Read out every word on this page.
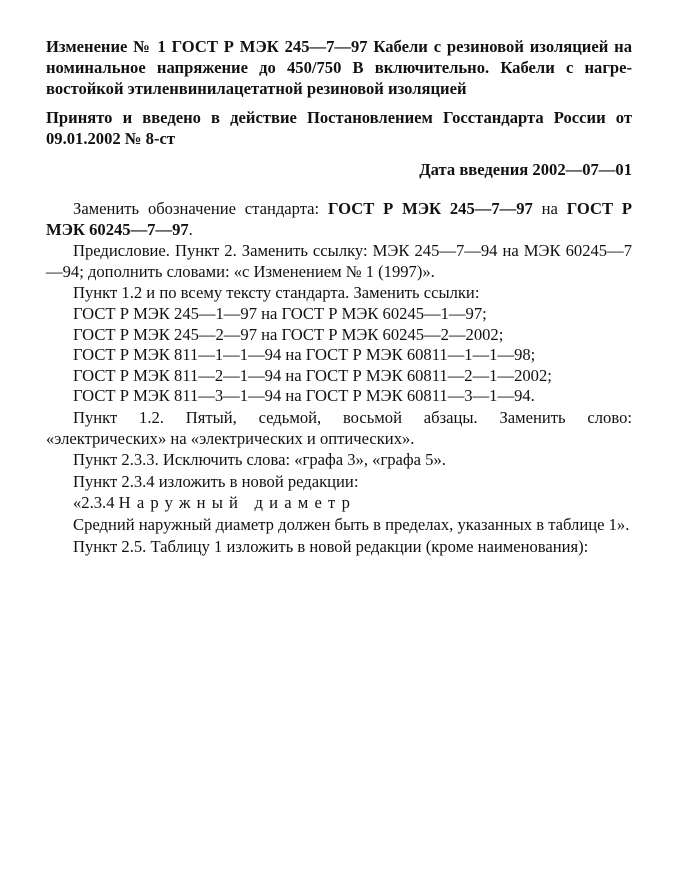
Изменение № 1 ГОСТ Р МЭК 245—7—97 Кабели с резиновой изоляцией на номинальное напряжение до 450/750 В включительно. Кабели с нагре-востойкой этиленвинилацетатной резиновой изоляцией

Принято и введено в действие Постановлением Госстандарта России от 09.01.2002 № 8-ст

Дата введения 2002—07—01

Заменить обозначение стандарта: ГОСТ Р МЭК 245—7—97 на ГОСТ Р МЭК 60245—7—97.

Предисловие. Пункт 2. Заменить ссылку: МЭК 245—7—94 на МЭК 60245—7—94; дополнить словами: «с Изменением № 1 (1997)».

Пункт 1.2 и по всему тексту стандарта. Заменить ссылки:

ГОСТ Р МЭК 245—1—97 на ГОСТ Р МЭК 60245—1—97;

ГОСТ Р МЭК 245—2—97 на ГОСТ Р МЭК 60245—2—2002;

ГОСТ Р МЭК 811—1—1—94 на ГОСТ Р МЭК 60811—1—1—98;

ГОСТ Р МЭК 811—2—1—94 на ГОСТ Р МЭК 60811—2—1—2002;

ГОСТ Р МЭК 811—3—1—94 на ГОСТ Р МЭК 60811—3—1—94.

Пункт 1.2. Пятый, седьмой, восьмой абзацы. Заменить слово: «электрических» на «электрических и оптических».

Пункт 2.3.3. Исключить слова: «графа 3», «графа 5».

Пункт 2.3.4 изложить в новой редакции:

«2.3.4 Наружный диаметр

Средний наружный диаметр должен быть в пределах, указанных в таблице 1».

Пункт 2.5. Таблицу 1 изложить в новой редакции (кроме наименования):
